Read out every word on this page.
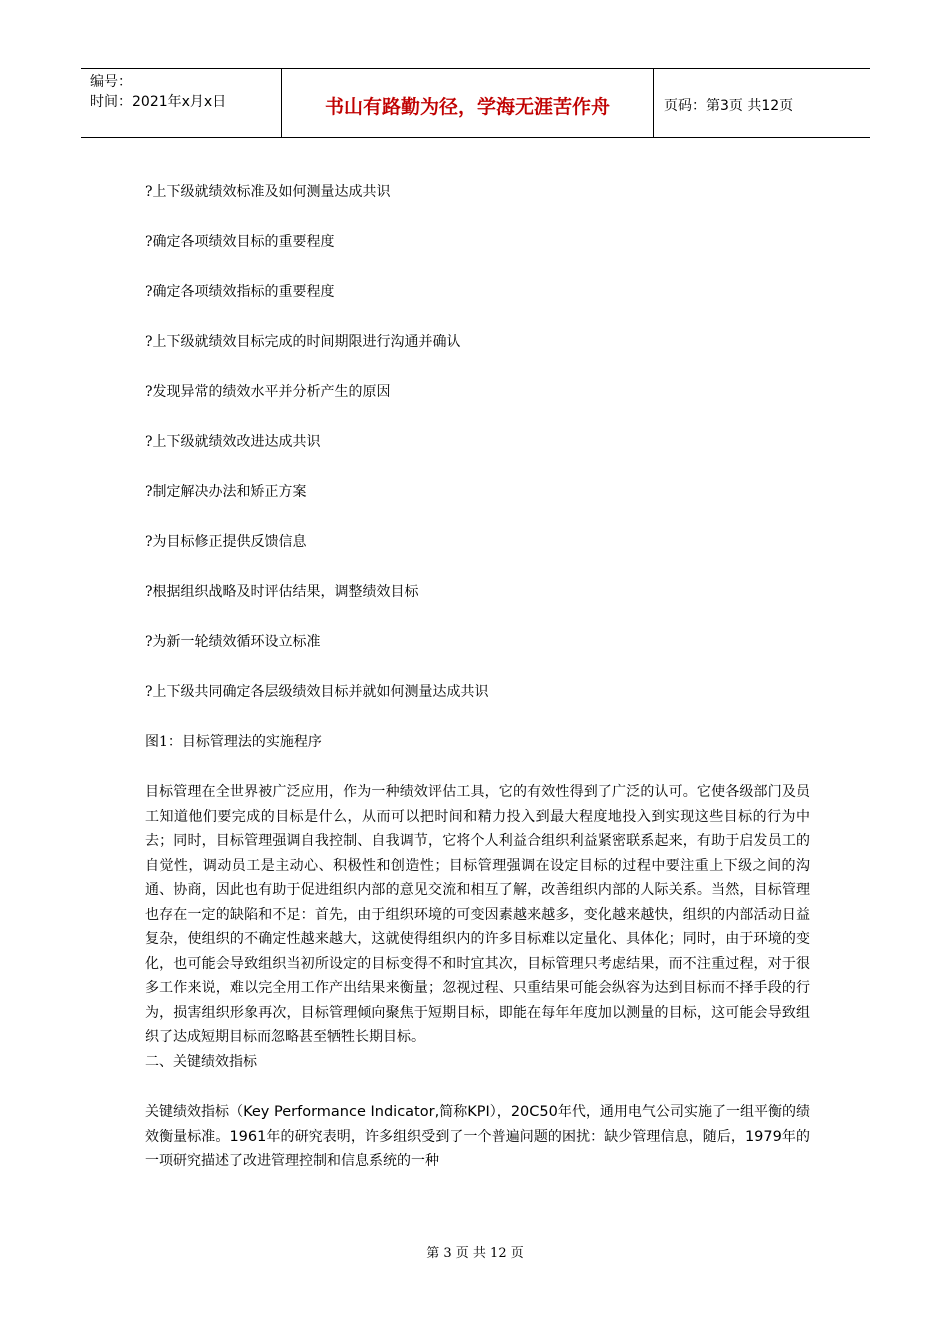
编号：
时间：2021年x月x日	书山有路勤为径，学海无涯苦作舟	页码：第3页 共12页
?上下级就绩效标准及如何测量达成共识
?确定各项绩效目标的重要程度
?确定各项绩效指标的重要程度
?上下级就绩效目标完成的时间期限进行沟通并确认
?发现异常的绩效水平并分析产生的原因
?上下级就绩效改进达成共识
?制定解决办法和矫正方案
?为目标修正提供反馈信息
?根据组织战略及时评估结果，调整绩效目标
?为新一轮绩效循环设立标准
?上下级共同确定各层级绩效目标并就如何测量达成共识
图1：目标管理法的实施程序

目标管理在全世界被广泛应用，作为一种绩效评估工具，它的有效性得到了广泛的认可。它使各级部门及员工知道他们要完成的目标是什么，从而可以把时间和精力投入到最大程度地投入到实现这些目标的行为中去；同时，目标管理强调自我控制、自我调节，它将个人利益合组织利益紧密联系起来，有助于启发员工的自觉性，调动员工是主动心、积极性和创造性；目标管理强调在设定目标的过程中要注重上下级之间的沟通、协商，因此也有助于促进组织内部的意见交流和相互了解，改善组织内部的人际关系。当然，目标管理也存在一定的缺陷和不足：首先，由于组织环境的可变因素越来越多，变化越来越快，组织的内部活动日益复杂，使组织的不确定性越来越大，这就使得组织内的许多目标难以定量化、具体化；同时，由于环境的变化，也可能会导致组织当初所设定的目标变得不和时宜其次，目标管理只考虑结果，而不注重过程，对于很多工作来说，难以完全用工作产出结果来衡量；忽视过程、只重结果可能会纵容为达到目标而不择手段的行为，损害组织形象再次，目标管理倾向聚焦于短期目标，即能在每年年度加以测量的目标，这可能会导致组织了达成短期目标而忽略甚至牺牲长期目标。

二、关键绩效指标

关键绩效指标（Key Performance Indicator,简称KPI），20C50年代，通用电气公司实施了一组平衡的绩效衡量标准。1961年的研究表明，许多组织受到了一个普遍问题的困扰：缺少管理信息，随后，1979年的一项研究描述了改进管理控制和信息系统的一种

第 3 页 共 12 页
